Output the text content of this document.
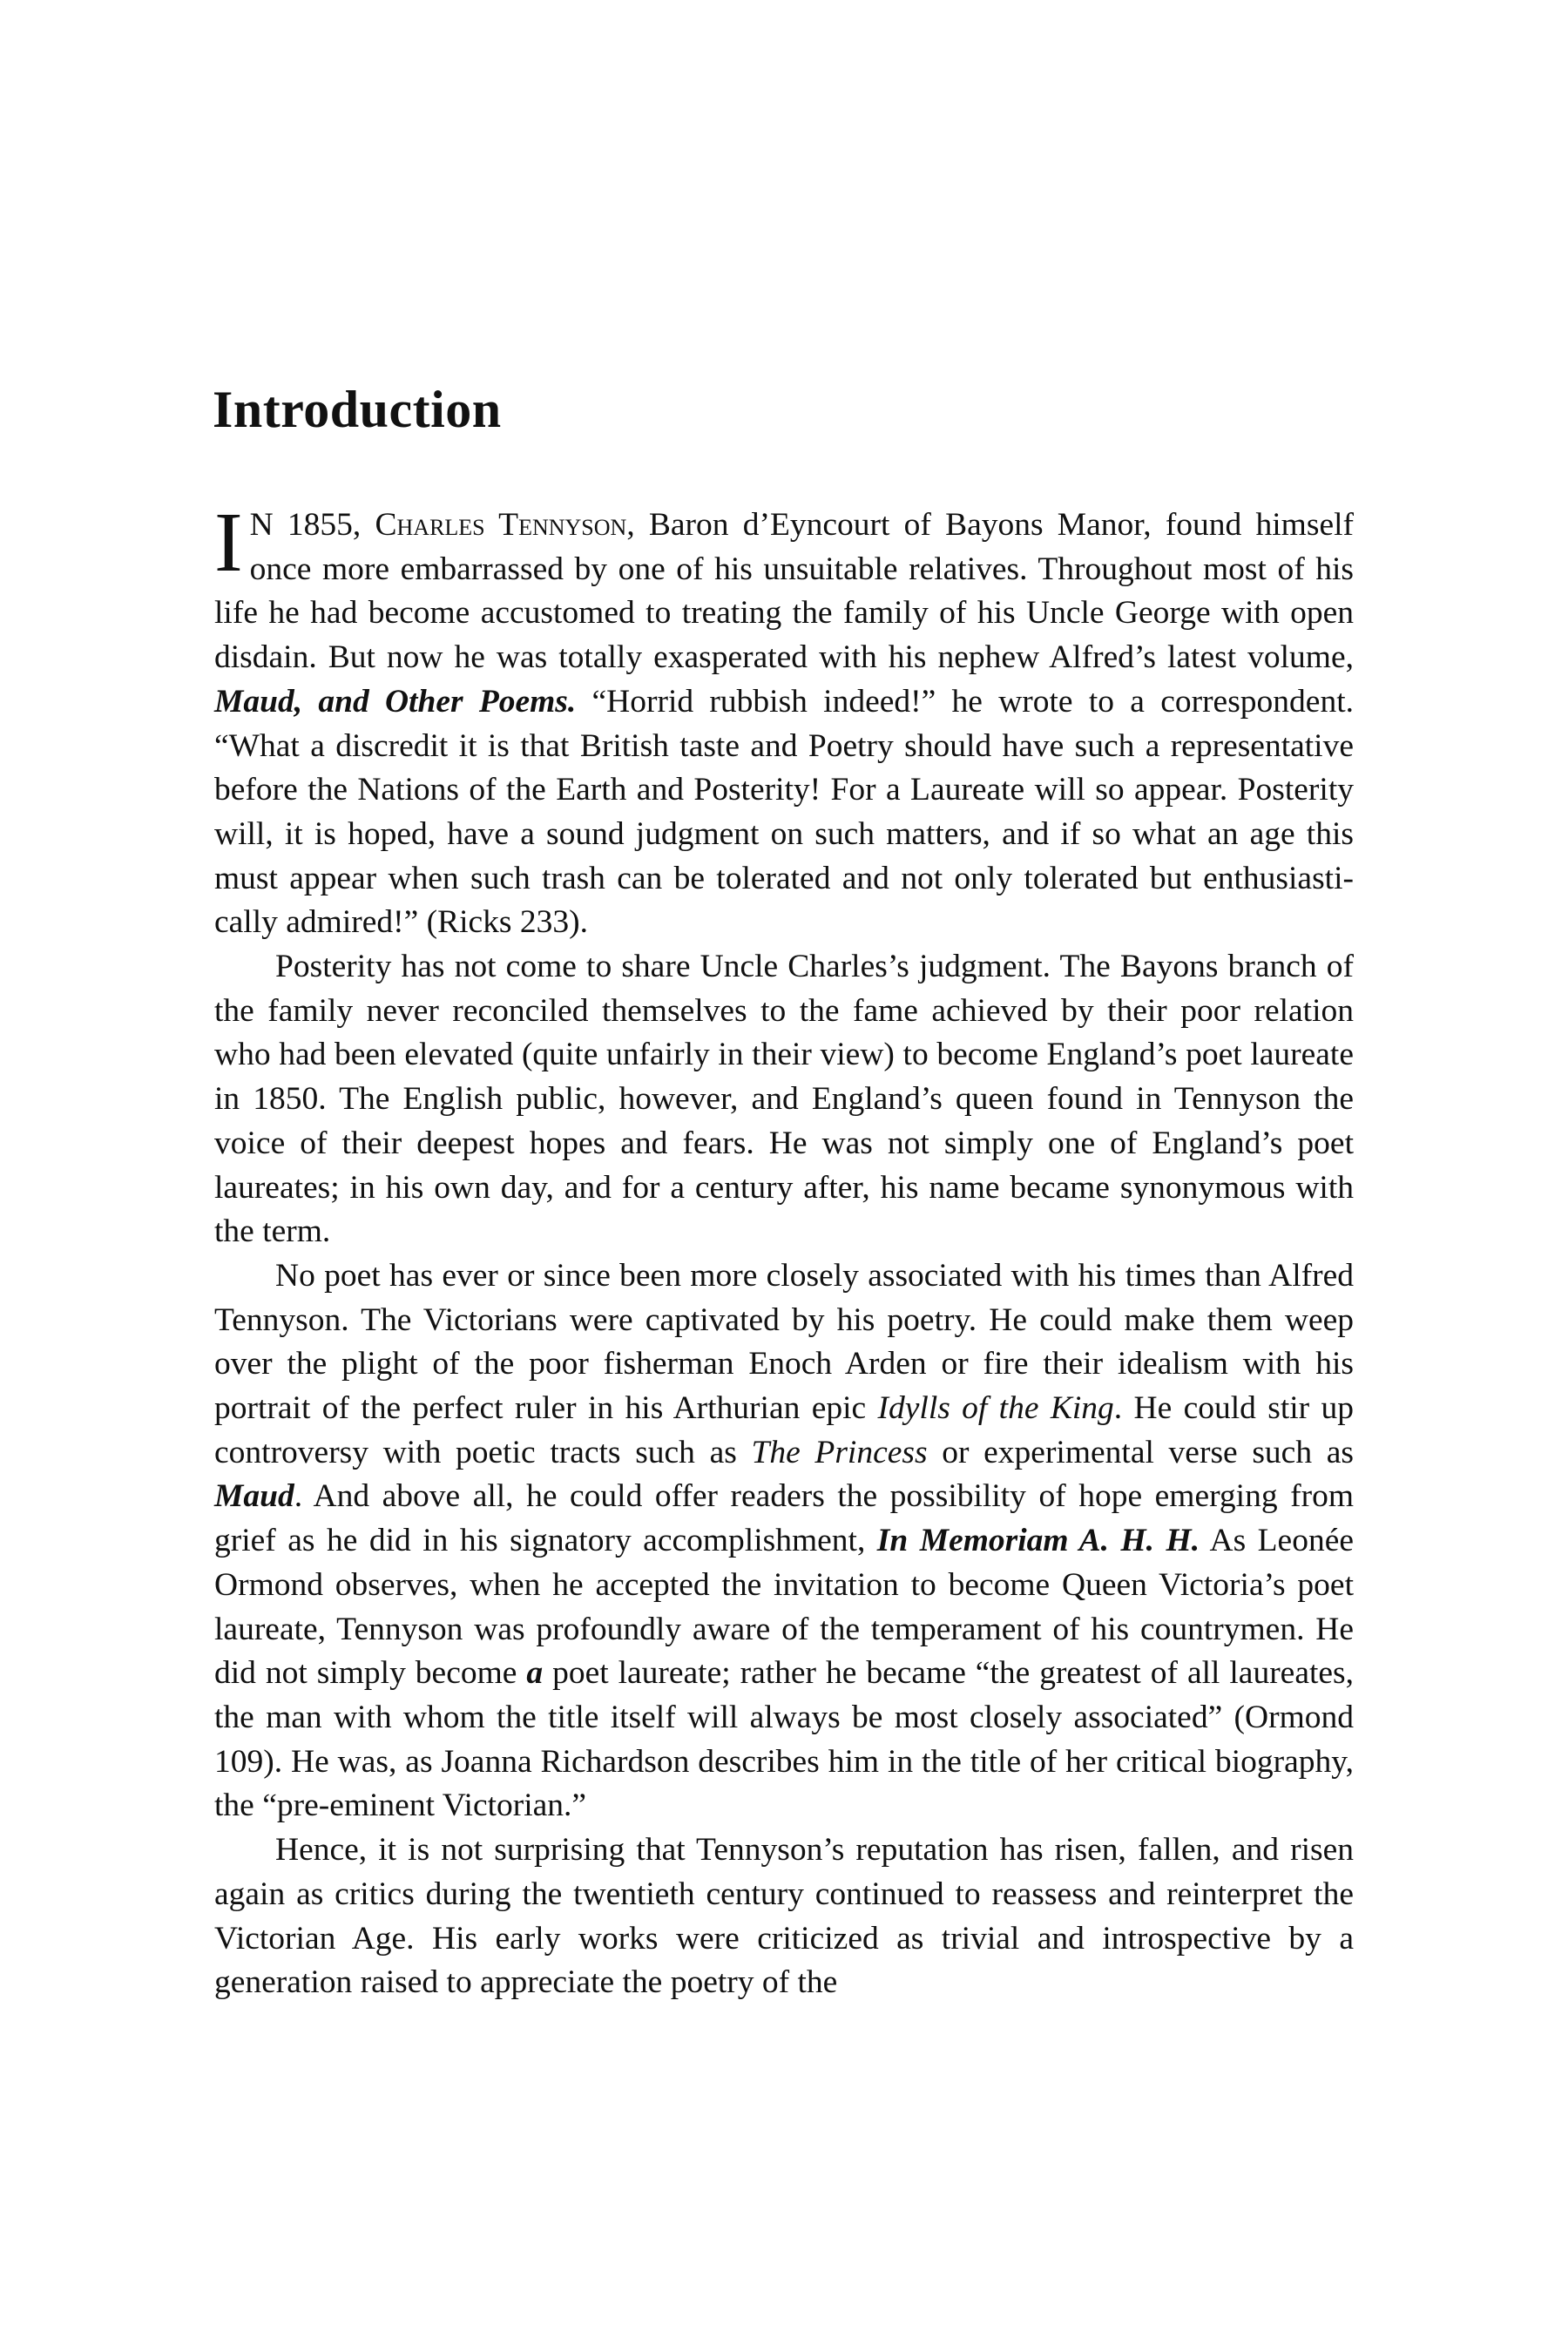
Introduction

I N 1855, Charles Tennyson, Baron d’Eyncourt of Bayons Manor, found himself once more embarrassed by one of his unsuitable relatives. Throughout most of his life he had become accustomed to treating the family of his Uncle George with open disdain. But now he was totally exasperated with his nephew Alfred’s latest volume, Maud, and Other Poems. “Horrid rubbish indeed!” he wrote to a correspondent. “What a discredit it is that British taste and Poetry should have such a representative before the Nations of the Earth and Posterity! For a Laureate will so appear. Posterity will, it is hoped, have a sound judgment on such matters, and if so what an age this must appear when such trash can be tolerated and not only tolerated but enthusiastically admired!” (Ricks 233).

Posterity has not come to share Uncle Charles’s judgment. The Bayons branch of the family never reconciled themselves to the fame achieved by their poor relation who had been elevated (quite unfairly in their view) to become England’s poet laureate in 1850. The English public, however, and England’s queen found in Tennyson the voice of their deepest hopes and fears. He was not simply one of England’s poet laureates; in his own day, and for a century after, his name became synonymous with the term.

No poet has ever or since been more closely associated with his times than Alfred Tennyson. The Victorians were captivated by his poetry. He could make them weep over the plight of the poor fisherman Enoch Arden or fire their idealism with his portrait of the perfect ruler in his Arthurian epic Idylls of the King. He could stir up controversy with poetic tracts such as The Princess or experimental verse such as Maud. And above all, he could offer readers the possibility of hope emerging from grief as he did in his signatory accomplishment, In Memoriam A. H. H. As Leonée Ormond observes, when he accepted the invitation to become Queen Victoria’s poet laureate, Tennyson was profoundly aware of the temperament of his countrymen. He did not simply become a poet laureate; rather he became “the greatest of all laureates, the man with whom the title itself will always be most closely associated” (Ormond 109). He was, as Joanna Richardson describes him in the title of her critical biography, the “pre-eminent Victorian.”

Hence, it is not surprising that Tennyson’s reputation has risen, fallen, and risen again as critics during the twentieth century continued to reassess and reinterpret the Victorian Age. His early works were criticized as trivial and introspective by a generation raised to appreciate the poetry of the
